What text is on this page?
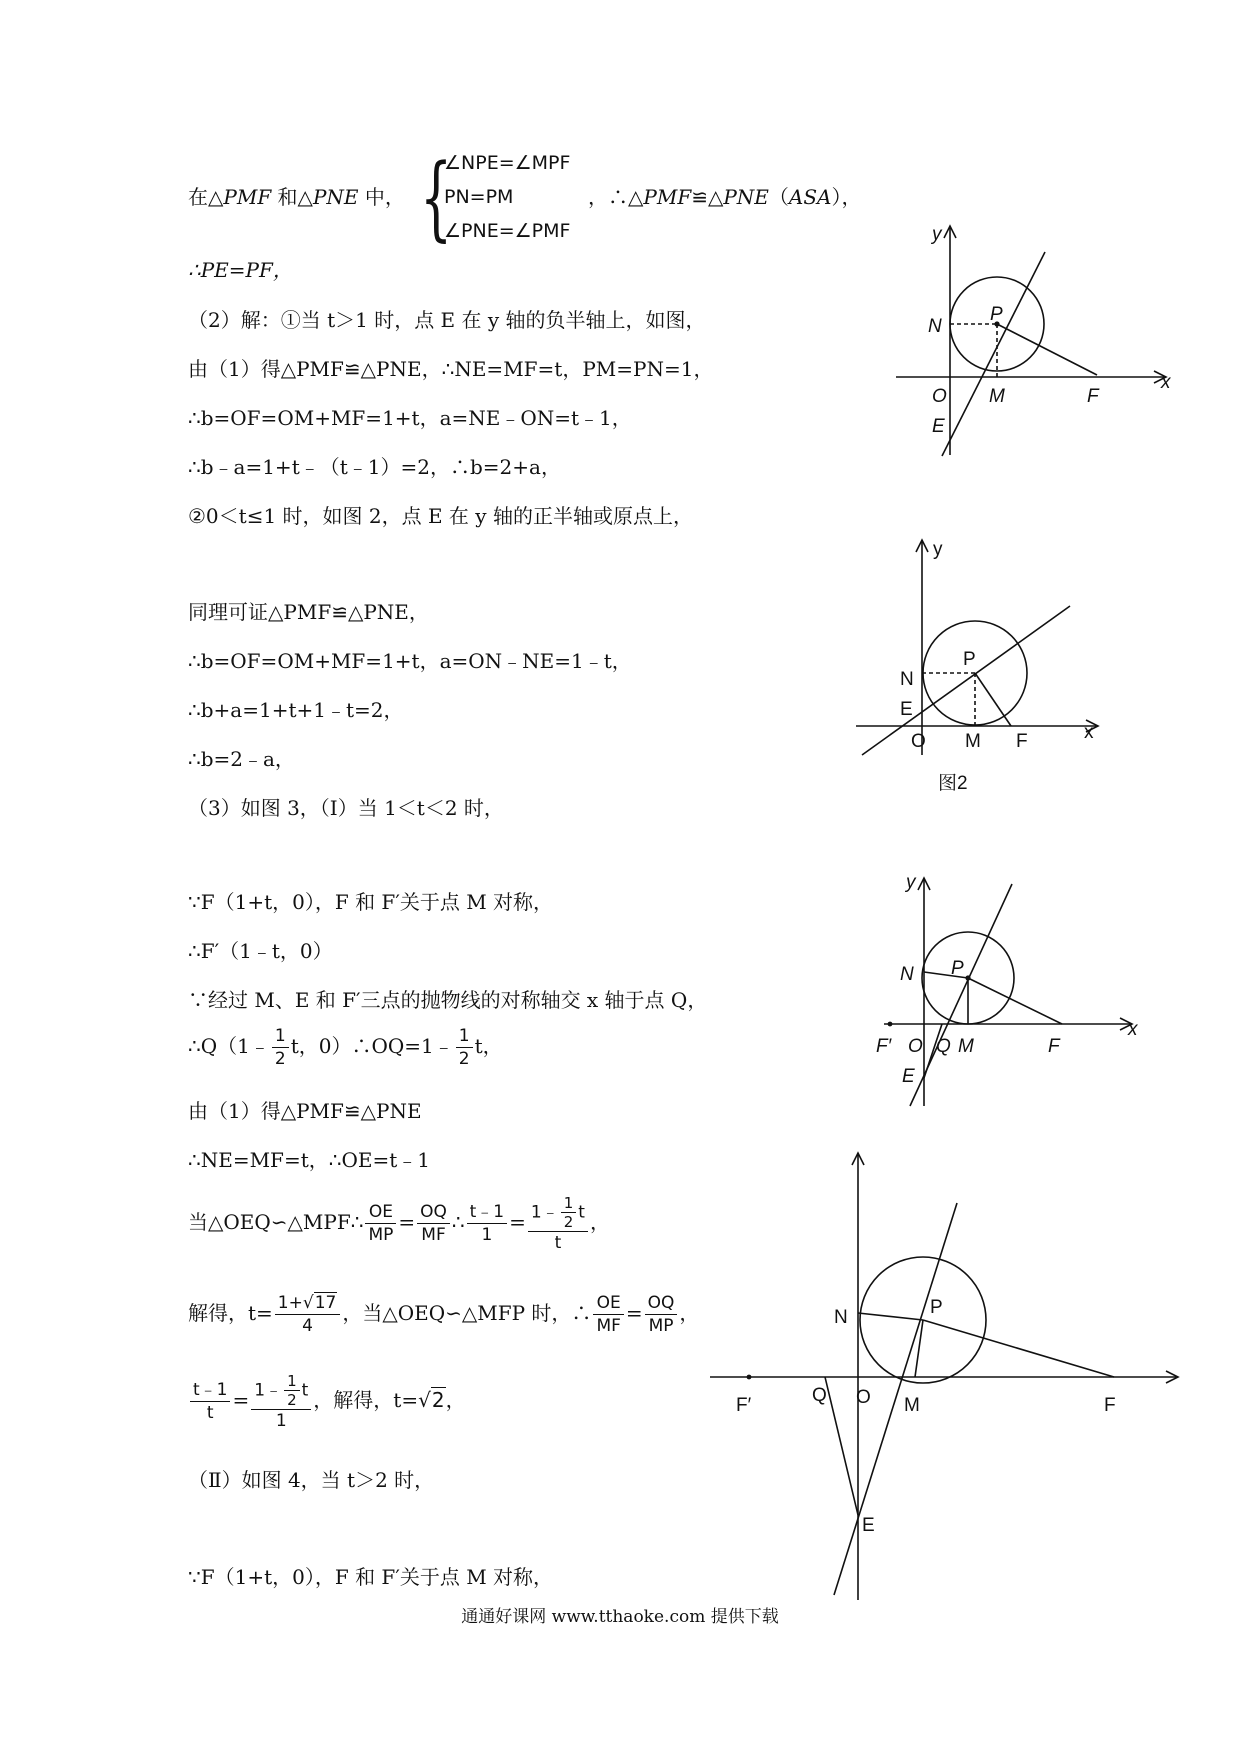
在△PMF 和△PNE 中， {
∠NPE=∠MPF
PN=PM
∠PNE=∠PMF
，∴△PMF≌△PNE（ASA），
∴PE=PF，
（2）解：①当 t＞1 时，点 E 在 y 轴的负半轴上，如图，
由（1）得△PMF≌△PNE，∴NE=MF=t，PM=PN=1，
∴b=OF=OM+MF=1+t，a=NE﹣ON=t﹣1，
∴b﹣a=1+t﹣（t﹣1）=2，∴b=2+a，
②0＜t≤1 时，如图 2，点 E 在 y 轴的正半轴或原点上，
同理可证△PMF≌△PNE，
∴b=OF=OM+MF=1+t，a=ON﹣NE=1﹣t，
∴b+a=1+t+1﹣t=2，
∴b=2﹣a，
（3）如图 3，（Ⅰ）当 1＜t＜2 时，
∵F（1+t，0），F 和 F′关于点 M 对称，
∴F′（1﹣t，0）
∵经过 M、E 和 F′三点的抛物线的对称轴交 x 轴于点 Q，
∴Q（1﹣ $\frac{1}{2}$ t，0）∴OQ=1﹣ $\frac{1}{2}$ t，
由（1）得△PMF≌△PNE
∴NE=MF=t，∴OE=t﹣1
当△OEQ∽△MPF∴ $\frac{OE}{MP} = \frac{OQ}{MF}$ ∴ $\frac{t﹣1}{1} = \frac{1﹣ \frac{1}{2} t}{t}$ ，
解得，$t= \frac{1+√17}{4}$ ，当△OEQ∽△MFP 时，∴ $\frac{OE}{MF} = \frac{OQ}{MP}$ ，
$\frac{t﹣1}{t} = \frac{1﹣ \frac{1}{2} t}{1}$ ，解得，t=√2，
（Ⅱ）如图 4，当 t＞2 时，
∵F（1+t，0），F 和 F′关于点 M 对称，
y
x
N
P
O M	F
E
y
x
N
P
E
O M F
图2
y
x
N P
F′ O Q M	F
E
N	P
F′	Q O M	F
E
通通好课网 www.tthaoke.com 提供下载
